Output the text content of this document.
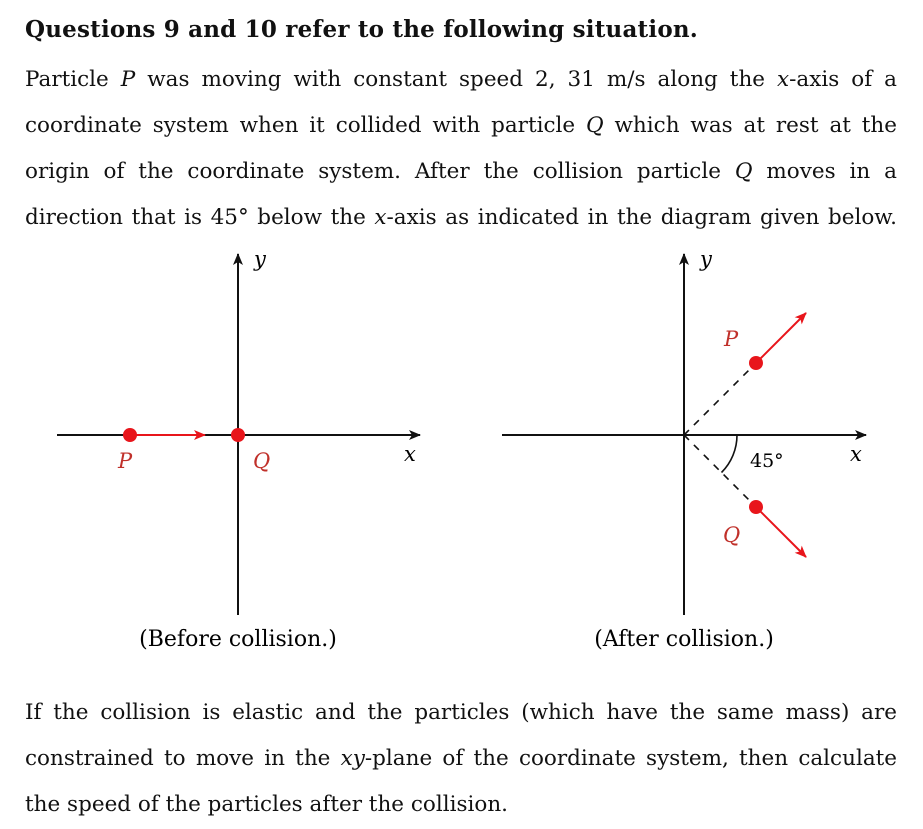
Questions 9 and 10 refer to the following situation.
Particle P was moving with constant speed 2, 31 m/s along the x-axis of a
coordinate system when it collided with particle Q which was at rest at the
origin of the coordinate system. After the collision particle Q moves in a
direction that is 45° below the x-axis as indicated in the diagram given below.
y
x
P	Q
(Before collision.)
y
x
45°
P
Q
(After collision.)
If the collision is elastic and the particles (which have the same mass) are
constrained to move in the xy-plane of the coordinate system, then calculate
the speed of the particles after the collision.
